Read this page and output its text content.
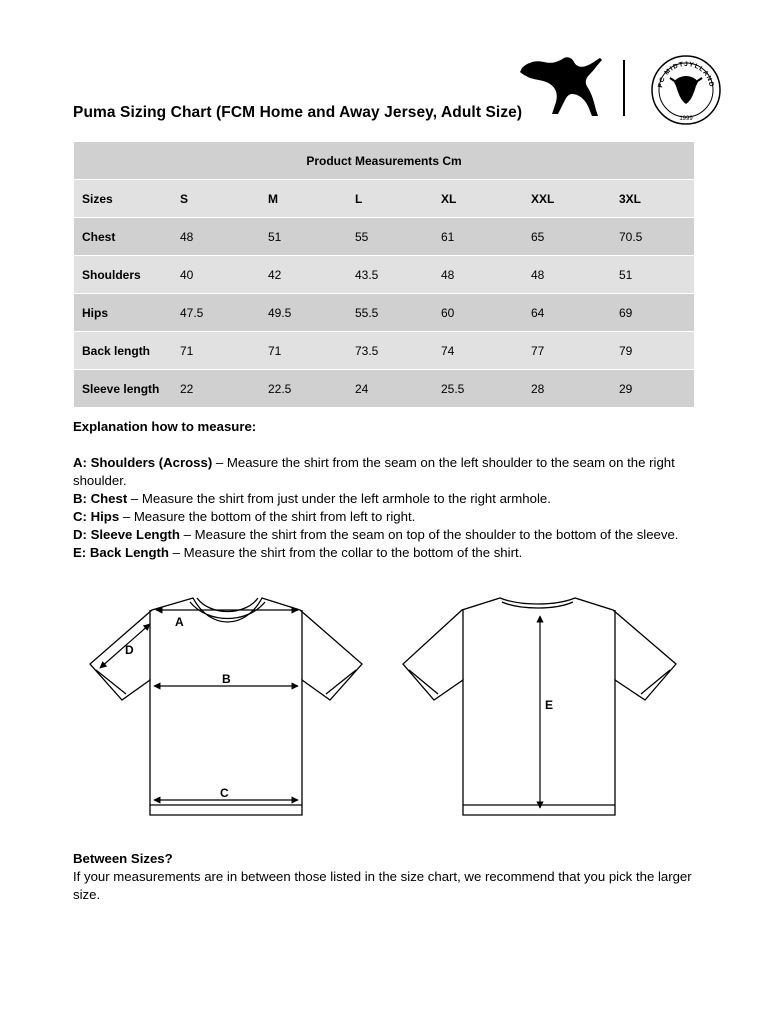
Puma Sizing Chart (FCM Home and Away Jersey, Adult Size)
FC MIDTJYLLAND
1999
Product Measurements Cm
Sizes	S	M	L	XL	XXL	3XL
Chest	48	51	55	61	65	70.5
Shoulders	40	42	43.5	48	48	51
Hips	47.5	49.5	55.5	60	64	69
Back length	71	71	73.5	74	77	79
Sleeve length	22	22.5	24	25.5	28	29
Explanation how to measure:

A: Shoulders (Across) – Measure the shirt from the seam on the left shoulder to the seam on the right shoulder.

B: Chest – Measure the shirt from just under the left armhole to the right armhole.

C: Hips – Measure the bottom of the shirt from left to right.

D: Sleeve Length – Measure the shirt from the seam on top of the shoulder to the bottom of the sleeve.

E: Back Length – Measure the shirt from the collar to the bottom of the shirt.

A
D
B
C
E
Between Sizes?
If your measurements are in between those listed in the size chart, we recommend that you pick the larger size.
